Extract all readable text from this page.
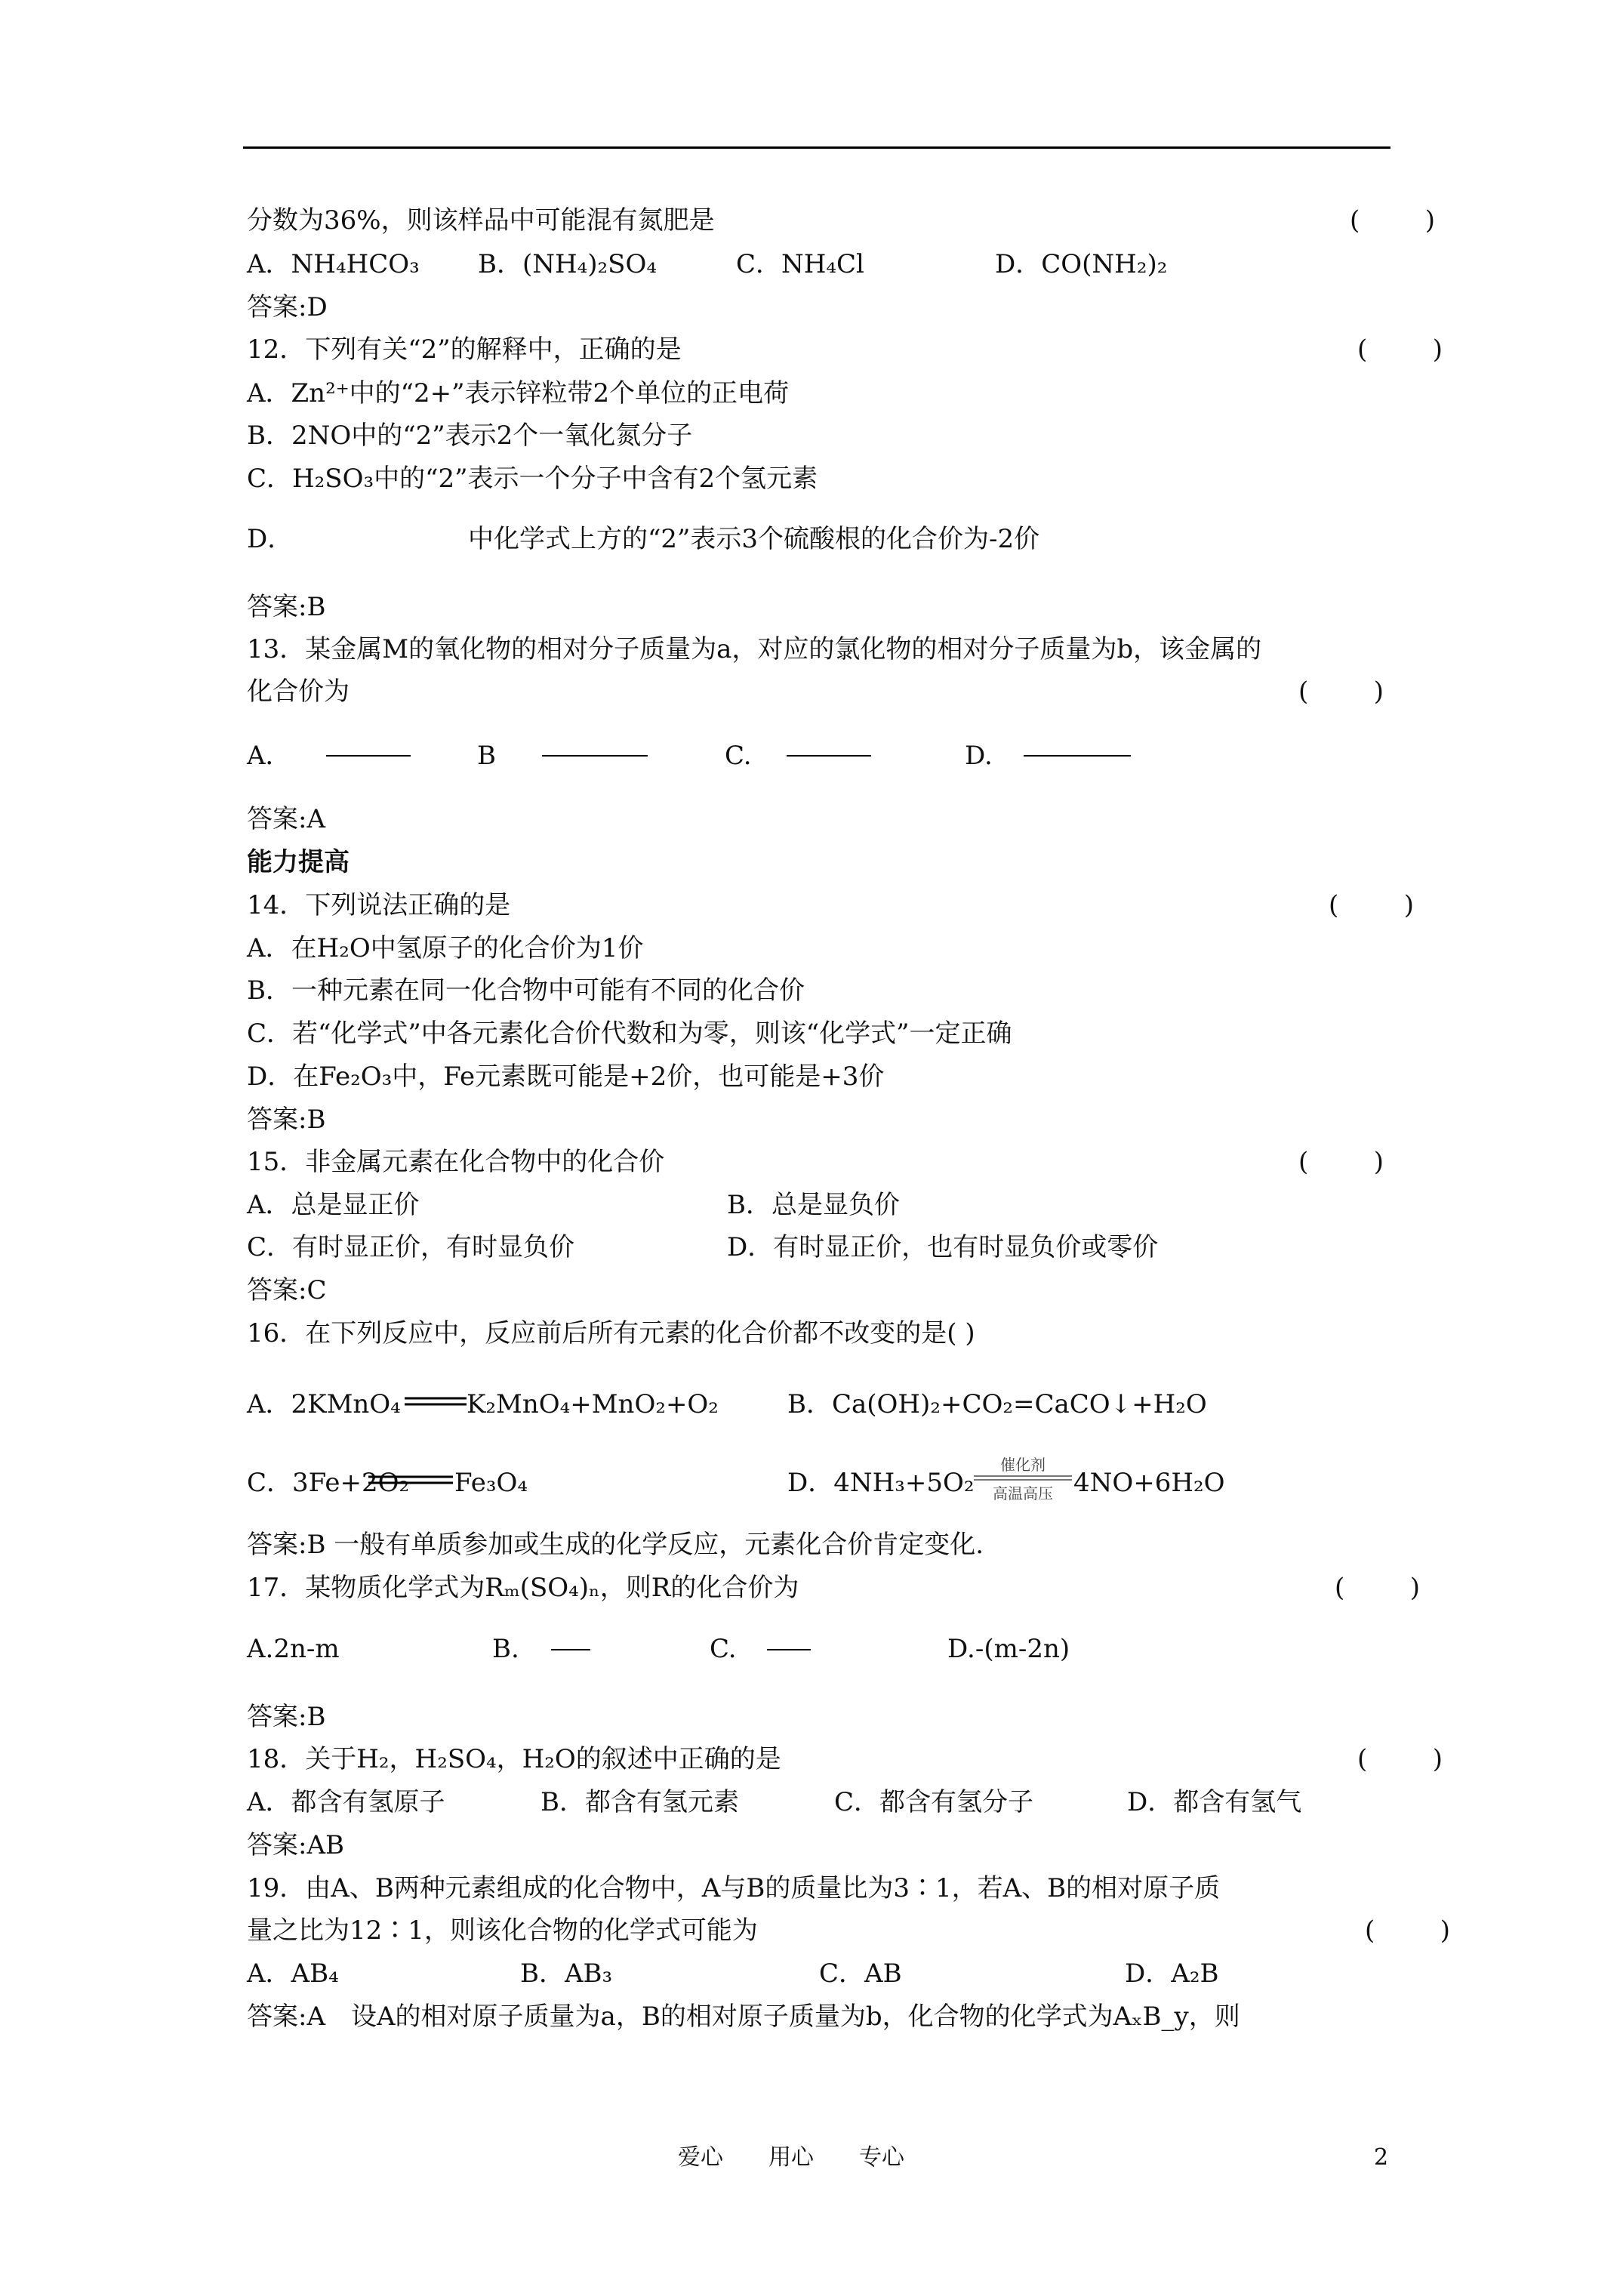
分数为36%，则该样品中可能混有氮肥是	(        )
A．NH₄HCO₃ B．(NH₄)₂SO₄	C．NH₄Cl	D．CO(NH₂)₂
答案:D
12．下列有关“2”的解释中，正确的是	(        )
A．Zn²⁺中的“2+”表示锌粒带2个单位的正电荷
B．2NO中的“2”表示2个一氧化氮分子
C．H₂SO₃中的“2”表示一个分子中含有2个氢元素
D．	中化学式上方的“2”表示3个硫酸根的化合价为-2价
答案:B
13．某金属M的氧化物的相对分子质量为a，对应的氯化物的相对分子质量为b，该金属的
化合价为	(        )
A．	B	C.	D.
答案:A
能力提高
14．下列说法正确的是	(        )
A．在H₂O中氢原子的化合价为1价
B．一种元素在同一化合物中可能有不同的化合价
C．若“化学式”中各元素化合价代数和为零，则该“化学式”一定正确
D．在Fe₂O₃中，Fe元素既可能是+2价，也可能是+3价
答案:B
15．非金属元素在化合物中的化合价	(        )
A．总是显正价	B．总是显负价
C．有时显正价，有时显负价	D．有时显正价，也有时显负价或零价
答案:C
16．在下列反应中，反应前后所有元素的化合价都不改变的是( )
A．2KMnO₄	K₂MnO₄+MnO₂+O₂	B．Ca(OH)₂+CO₂=CaCO↓+H₂O
C．3Fe+2O₂ Fe₃O₄	D．4NH₃+5O₂
催化剂
高温高压 4NO+6H₂O
答案:B 一般有单质参加或生成的化学反应，元素化合价肯定变化.
17．某物质化学式为Rₘ(SO₄)ₙ，则R的化合价为	(        )
A.2n-m	B.	C.	D.-(m-2n)
答案:B
18．关于H₂，H₂SO₄，H₂O的叙述中正确的是	(        )
A．都含有氢原子	B．都含有氢元素	C．都含有氢分子	D．都含有氢气
答案:AB
19．由A、B两种元素组成的化合物中，A与B的质量比为3∶1，若A、B的相对原子质
量之比为12∶1，则该化合物的化学式可能为	(        )
A．AB₄	B．AB₃	C．AB	D．A₂B
答案:A　设A的相对原子质量为a，B的相对原子质量为b，化合物的化学式为AₓB_y，则
爱心　　用心　　专心	2
